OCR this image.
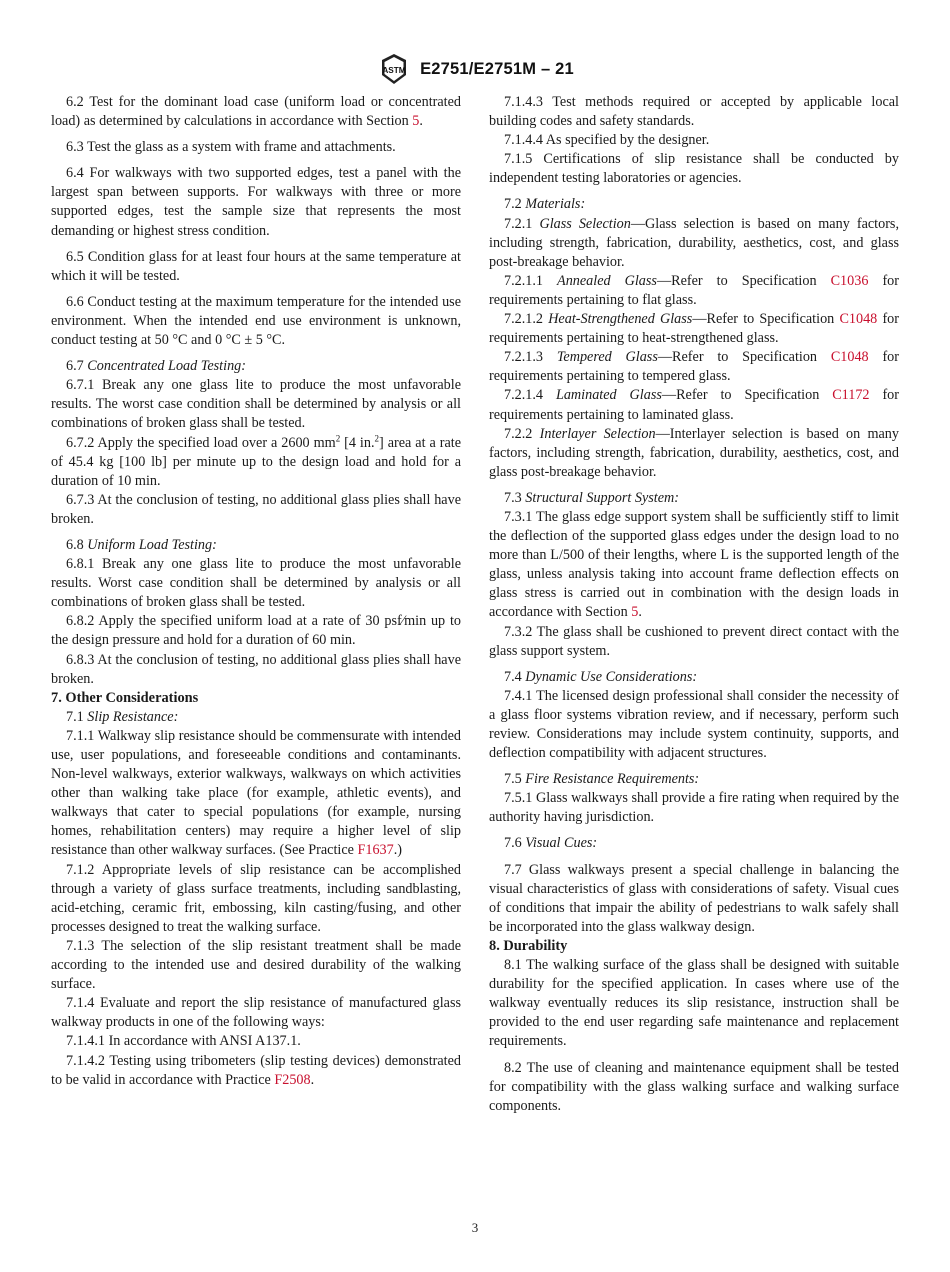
ASTM E2751/E2751M – 21

6.2 Test for the dominant load case (uniform load or concentrated load) as determined by calculations in accordance with Section 5.

6.3 Test the glass as a system with frame and attachments.

6.4 For walkways with two supported edges, test a panel with the largest span between supports. For walkways with three or more supported edges, test the sample size that represents the most demanding or highest stress condition.

6.5 Condition glass for at least four hours at the same temperature at which it will be tested.

6.6 Conduct testing at the maximum temperature for the intended use environment. When the intended end use environment is unknown, conduct testing at 50 °C and 0 °C ± 5 °C.

6.7 Concentrated Load Testing:

6.7.1 Break any one glass lite to produce the most unfavorable results. The worst case condition shall be determined by analysis or all combinations of broken glass shall be tested.

6.7.2 Apply the specified load over a 2600 $mm^2$ [4 in.$^2$] area at a rate of 45.4 kg [100 lb] per minute up to the design load and hold for a duration of 10 min.

6.7.3 At the conclusion of testing, no additional glass plies shall have broken.

6.8 Uniform Load Testing:

6.8.1 Break any one glass lite to produce the most unfavorable results. Worst case condition shall be determined by analysis or all combinations of broken glass shall be tested.

6.8.2 Apply the specified uniform load at a rate of 30 psf⁄min up to the design pressure and hold for a duration of 60 min.

6.8.3 At the conclusion of testing, no additional glass plies shall have broken.

7. Other Considerations

7.1 Slip Resistance:

7.1.1 Walkway slip resistance should be commensurate with intended use, user populations, and foreseeable conditions and contaminants. Non-level walkways, exterior walkways, walkways on which activities other than walking take place (for example, athletic events), and walkways that cater to special populations (for example, nursing homes, rehabilitation centers) may require a higher level of slip resistance than other walkway surfaces. (See Practice F1637.)

7.1.2 Appropriate levels of slip resistance can be accomplished through a variety of glass surface treatments, including sandblasting, acid-etching, ceramic frit, embossing, kiln casting/fusing, and other processes designed to treat the walking surface.

7.1.3 The selection of the slip resistant treatment shall be made according to the intended use and desired durability of the walking surface.

7.1.4 Evaluate and report the slip resistance of manufactured glass walkway products in one of the following ways:

7.1.4.1 In accordance with ANSI A137.1.

7.1.4.2 Testing using tribometers (slip testing devices) demonstrated to be valid in accordance with Practice F2508.

7.1.4.3 Test methods required or accepted by applicable local building codes and safety standards.

7.1.4.4 As specified by the designer.

7.1.5 Certifications of slip resistance shall be conducted by independent testing laboratories or agencies.

7.2 Materials:

7.2.1 Glass Selection—Glass selection is based on many factors, including strength, fabrication, durability, aesthetics, cost, and glass post-breakage behavior.

7.2.1.1 Annealed Glass—Refer to Specification C1036 for requirements pertaining to flat glass.

7.2.1.2 Heat-Strengthened Glass—Refer to Specification C1048 for requirements pertaining to heat-strengthened glass.

7.2.1.3 Tempered Glass—Refer to Specification C1048 for requirements pertaining to tempered glass.

7.2.1.4 Laminated Glass—Refer to Specification C1172 for requirements pertaining to laminated glass.

7.2.2 Interlayer Selection—Interlayer selection is based on many factors, including strength, fabrication, durability, aesthetics, cost, and glass post-breakage behavior.

7.3 Structural Support System:

7.3.1 The glass edge support system shall be sufficiently stiff to limit the deflection of the supported glass edges under the design load to no more than L/500 of their lengths, where L is the supported length of the glass, unless analysis taking into account frame deflection effects on glass stress is carried out in combination with the design loads in accordance with Section 5.

7.3.2 The glass shall be cushioned to prevent direct contact with the glass support system.

7.4 Dynamic Use Considerations:

7.4.1 The licensed design professional shall consider the necessity of a glass floor systems vibration review, and if necessary, perform such review. Considerations may include system continuity, supports, and deflection compatibility with adjacent structures.

7.5 Fire Resistance Requirements:

7.5.1 Glass walkways shall provide a fire rating when required by the authority having jurisdiction.

7.6 Visual Cues:

7.7 Glass walkways present a special challenge in balancing the visual characteristics of glass with considerations of safety. Visual cues of conditions that impair the ability of pedestrians to walk safely shall be incorporated into the glass walkway design.

8. Durability

8.1 The walking surface of the glass shall be designed with suitable durability for the specified application. In cases where use of the walkway eventually reduces its slip resistance, instruction shall be provided to the end user regarding safe maintenance and replacement requirements.

8.2 The use of cleaning and maintenance equipment shall be tested for compatibility with the glass walking surface and walking surface components.

3
